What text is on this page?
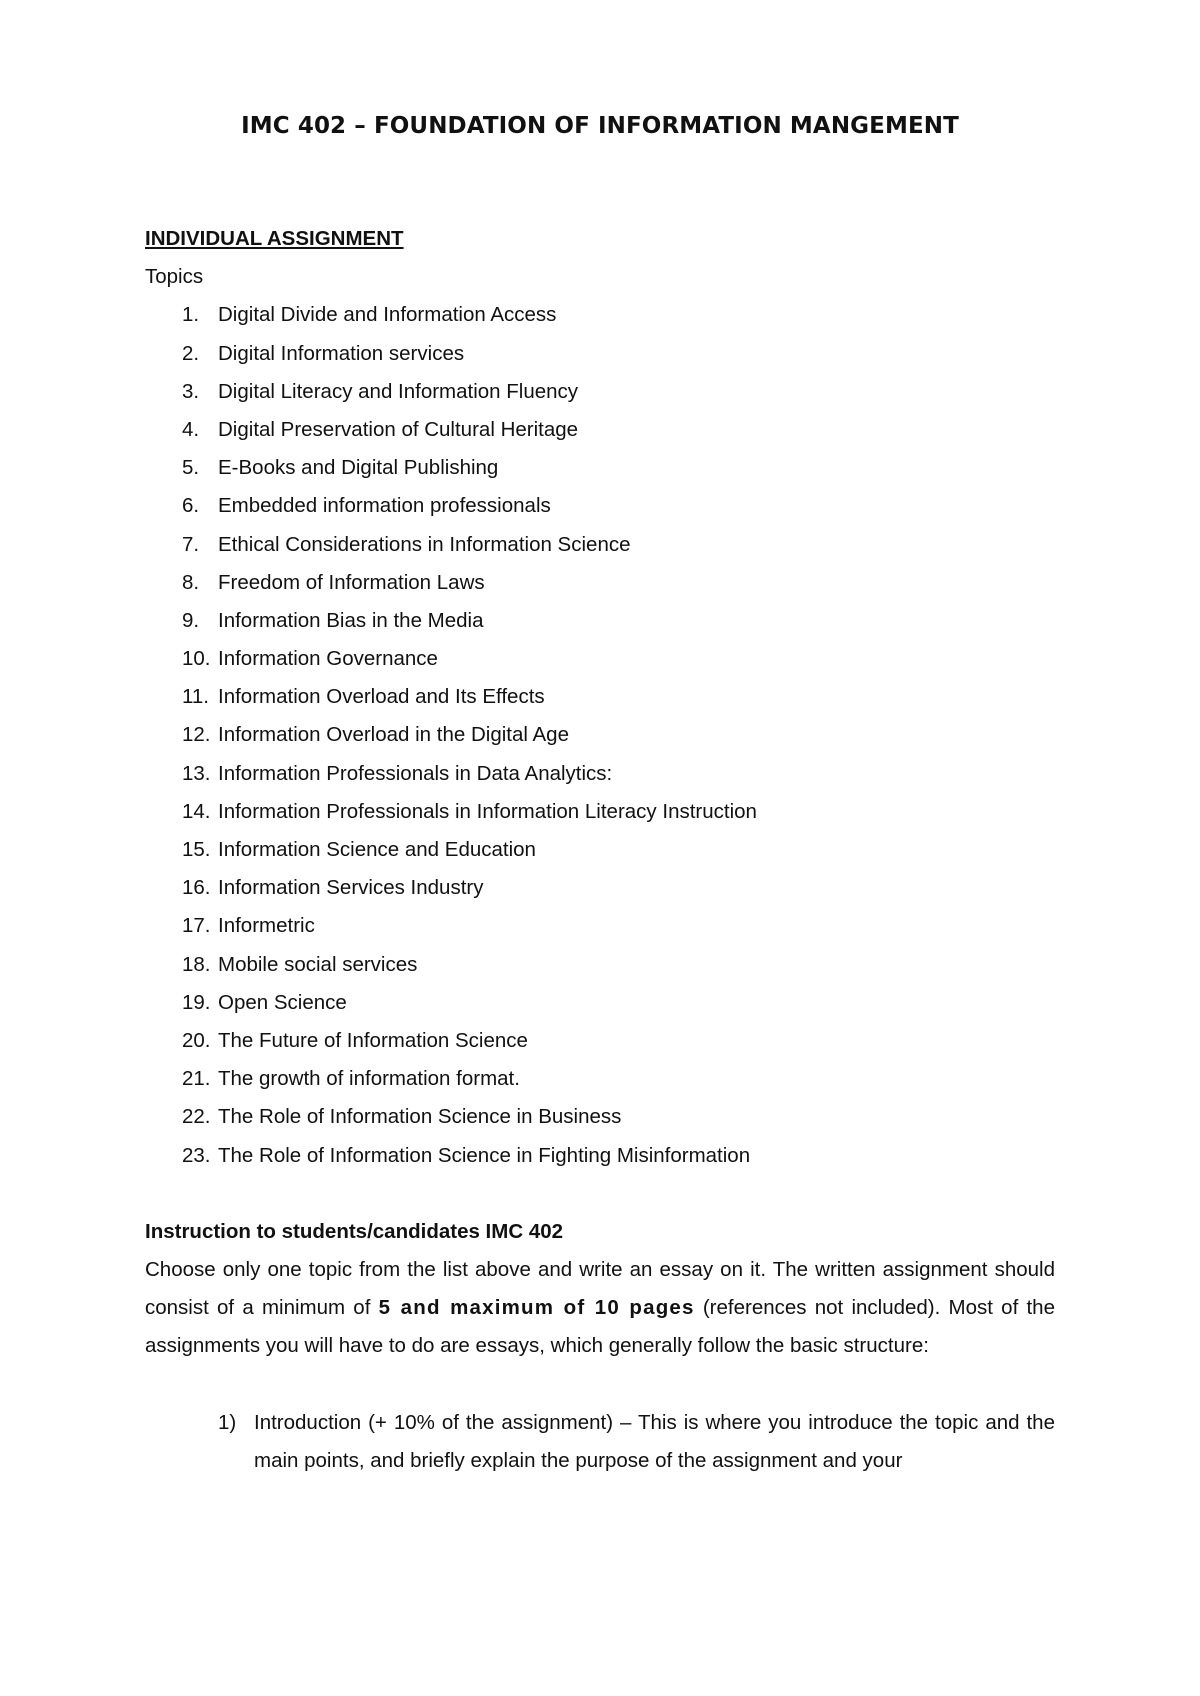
IMC 402 – FOUNDATION OF INFORMATION MANGEMENT

INDIVIDUAL ASSIGNMENT

Topics

1. Digital Divide and Information Access
2. Digital Information services
3. Digital Literacy and Information Fluency
4. Digital Preservation of Cultural Heritage
5. E-Books and Digital Publishing
6. Embedded information professionals
7. Ethical Considerations in Information Science
8. Freedom of Information Laws
9. Information Bias in the Media
10. Information Governance
11. Information Overload and Its Effects
12. Information Overload in the Digital Age
13. Information Professionals in Data Analytics:
14. Information Professionals in Information Literacy Instruction
15. Information Science and Education
16. Information Services Industry
17. Informetric
18. Mobile social services
19. Open Science
20. The Future of Information Science
21. The growth of information format.
22. The Role of Information Science in Business
23. The Role of Information Science in Fighting Misinformation

Instruction to students/candidates IMC 402

Choose only one topic from the list above and write an essay on it. The written assignment should consist of a minimum of 5 and maximum of 10 pages (references not included). Most of the assignments you will have to do are essays, which generally follow the basic structure:

1) Introduction (+ 10% of the assignment) – This is where you introduce the topic and the main points, and briefly explain the purpose of the assignment and your
